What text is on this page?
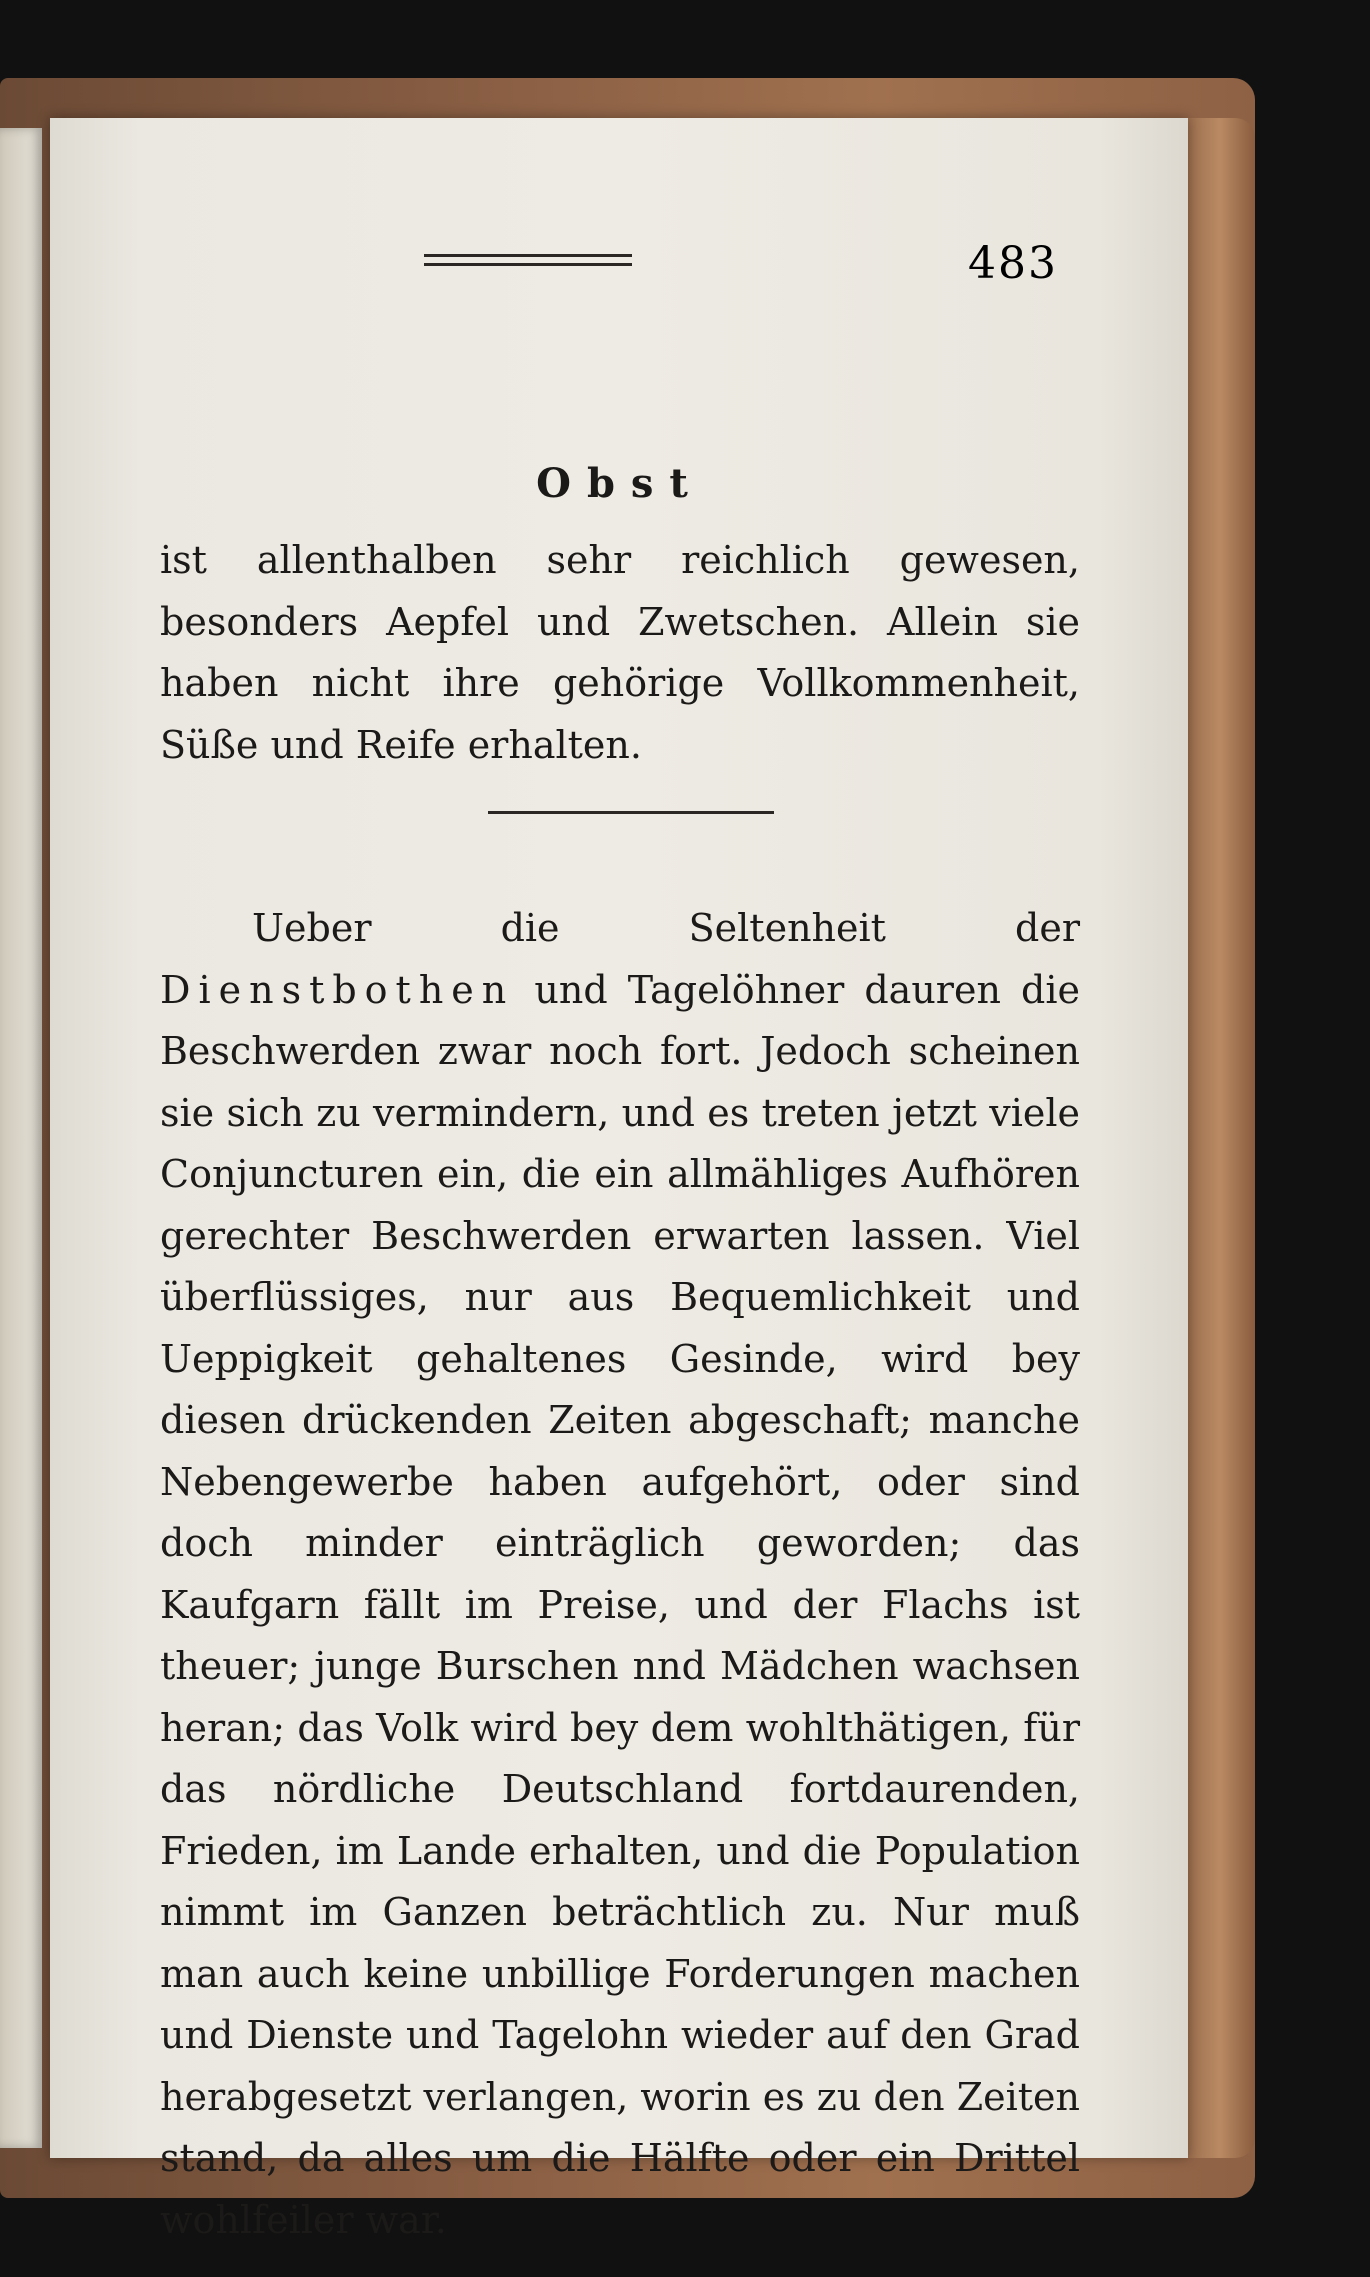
483
Obst
ist allenthalben sehr reichlich gewesen, besonders Aepfel und Zwetschen. Allein sie haben nicht ihre gehörige Vollkommenheit, Süße und Reife erhalten.
Ueber die Seltenheit der Dienstbothen und Tagelöhner dauren die Beschwerden zwar noch fort. Jedoch scheinen sie sich zu vermindern, und es treten jetzt viele Conjuncturen ein, die ein allmähliges Aufhören gerechter Beschwerden erwarten lassen. Viel überflüssiges, nur aus Bequemlichkeit und Ueppigkeit gehaltenes Gesinde, wird bey diesen drückenden Zeiten abgeschaft; manche Nebengewerbe haben aufgehört, oder sind doch minder einträglich geworden; das Kaufgarn fällt im Preise, und der Flachs ist theuer; junge Burschen nnd Mädchen wachsen heran; das Volk wird bey dem wohlthätigen, für das nördliche Deutschland fortdaurenden, Frieden, im Lande erhalten, und die Population nimmt im Ganzen beträchtlich zu. Nur muß man auch keine unbillige Forderungen machen und Dienste und Tagelohn wieder auf den Grad herabgesetzt verlangen, worin es zu den Zeiten stand, da alles um die Hälfte oder ein Drittel wohlfeiler war.
